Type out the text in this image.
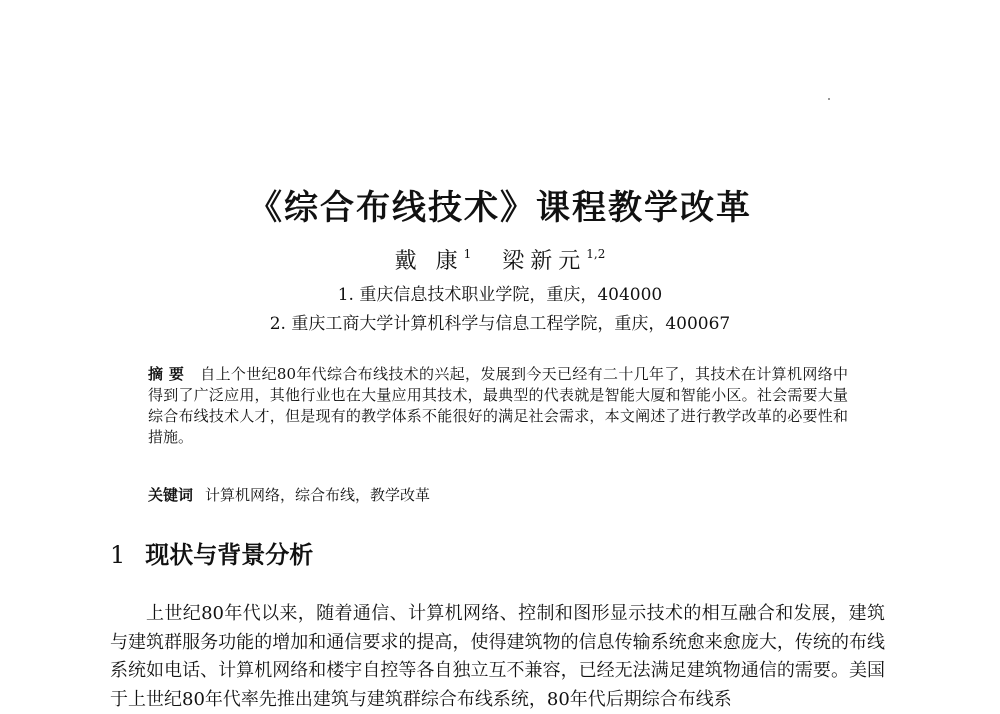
《综合布线技术》课程教学改革
戴 康$^1$ 梁新元$^{1,2}$
1. 重庆信息技术职业学院，重庆，404000
2. 重庆工商大学计算机科学与信息工程学院，重庆，400067
摘 要 自上个世纪80年代综合布线技术的兴起，发展到今天已经有二十几年了，其技术在计算机网络中得到了广泛应用，其他行业也在大量应用其技术，最典型的代表就是智能大厦和智能小区。社会需要大量综合布线技术人才，但是现有的教学体系不能很好的满足社会需求，本文阐述了进行教学改革的必要性和措施。
关键词 计算机网络，综合布线，教学改革
1 现状与背景分析

上世纪80年代以来，随着通信、计算机网络、控制和图形显示技术的相互融合和发展，建筑与建筑群服务功能的增加和通信要求的提高，使得建筑物的信息传输系统愈来愈庞大，传统的布线系统如电话、计算机网络和楼宇自控等各自独立互不兼容，已经无法满足建筑物通信的需要。美国于上世纪80年代率先推出建筑与建筑群综合布线系统，80年代后期综合布线系
